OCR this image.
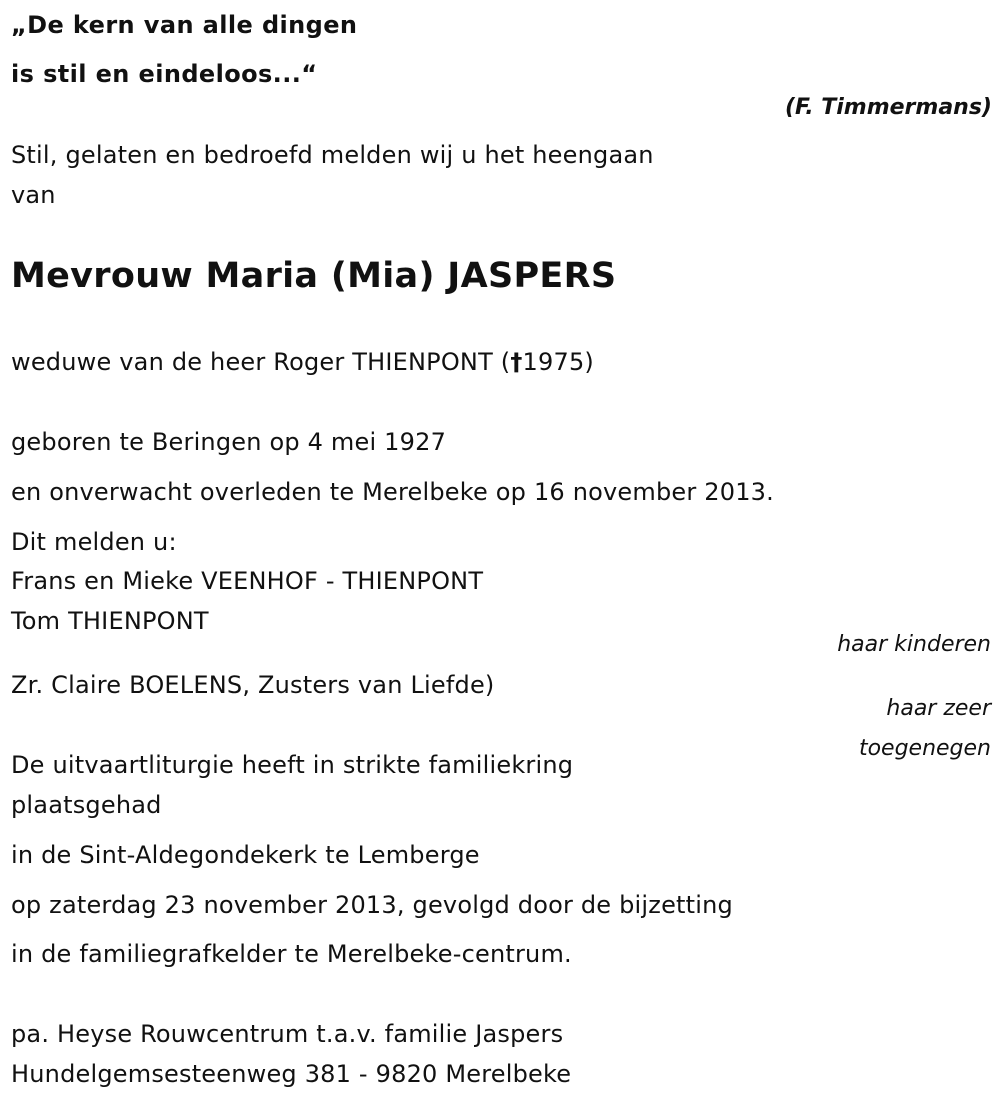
„De kern van alle dingen
is stil en eindeloos...“
(F. Timmermans)
Stil, gelaten en bedroefd melden wij u het heengaan
van
Mevrouw Maria (Mia) JASPERS
weduwe van de heer Roger THIENPONT (†1975)
geboren te Beringen op 4 mei 1927
en onverwacht overleden te Merelbeke op 16 november 2013.
Dit melden u:
Frans en Mieke VEENHOF - THIENPONT
Tom THIENPONT
haar kinderen
Zr. Claire BOELENS, Zusters van Liefde)
haar zeer
toegenegen
De uitvaartliturgie heeft in strikte familiekring
plaatsgehad
in de Sint-Aldegondekerk te Lemberge
op zaterdag 23 november 2013, gevolgd door de bijzetting
in de familiegrafkelder te Merelbeke-centrum.
pa. Heyse Rouwcentrum t.a.v. familie Jaspers
Hundelgemsesteenweg 381 - 9820 Merelbeke
